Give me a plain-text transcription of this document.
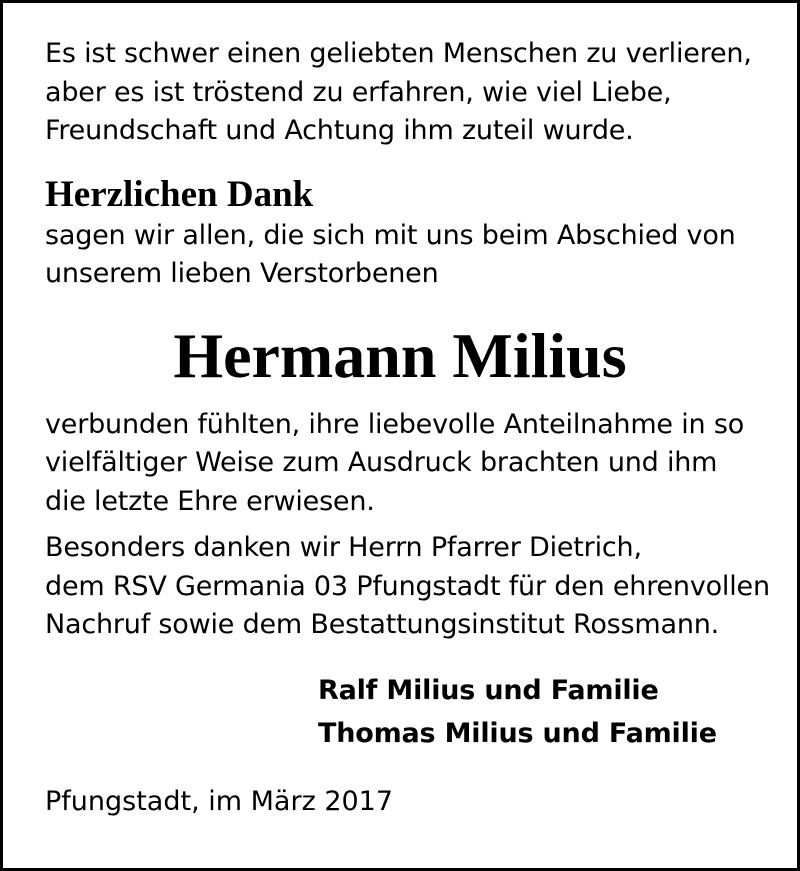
Es ist schwer einen geliebten Menschen zu verlieren,
aber es ist tröstend zu erfahren, wie viel Liebe,
Freundschaft und Achtung ihm zuteil wurde.

Herzlichen Dank

sagen wir allen, die sich mit uns beim Abschied von
unserem lieben Verstorbenen

Hermann Milius

verbunden fühlten, ihre liebevolle Anteilnahme in so
vielfältiger Weise zum Ausdruck brachten und ihm
die letzte Ehre erwiesen.

Besonders danken wir Herrn Pfarrer Dietrich,
dem RSV Germania 03 Pfungstadt für den ehrenvollen
Nachruf sowie dem Bestattungsinstitut Rossmann.

Ralf Milius und Familie
Thomas Milius und Familie
Pfungstadt, im März 2017
